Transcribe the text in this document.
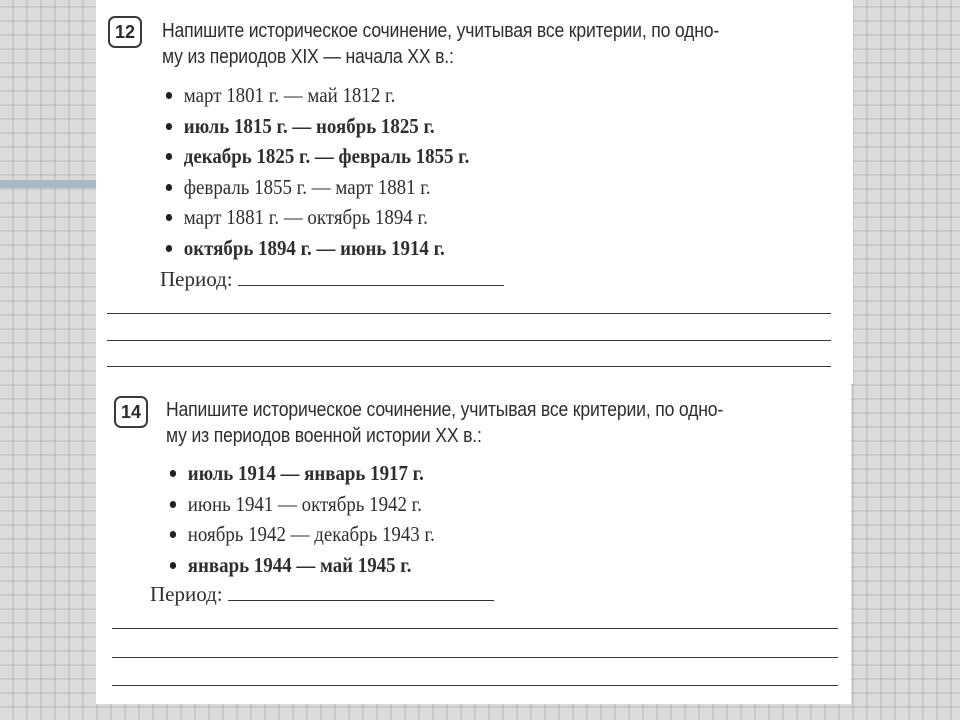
12	Напишите историческое сочинение, учитывая все критерии, по одно-
му из периодов XIX — начала XX в.:
март 1801 г. — май 1812 г.
июль 1815 г. — ноябрь 1825 г.
декабрь 1825 г. — февраль 1855 г.
февраль 1855 г. — март 1881 г.
март 1881 г. — октябрь 1894 г.
октябрь 1894 г. — июнь 1914 г.
Период:
14	Напишите историческое сочинение, учитывая все критерии, по одно-
му из периодов военной истории XX в.:
Период:
июль 1914 — январь 1917 г.
июнь 1941 — октябрь 1942 г.
ноябрь 1942 — декабрь 1943 г.
январь 1944 — май 1945 г.
